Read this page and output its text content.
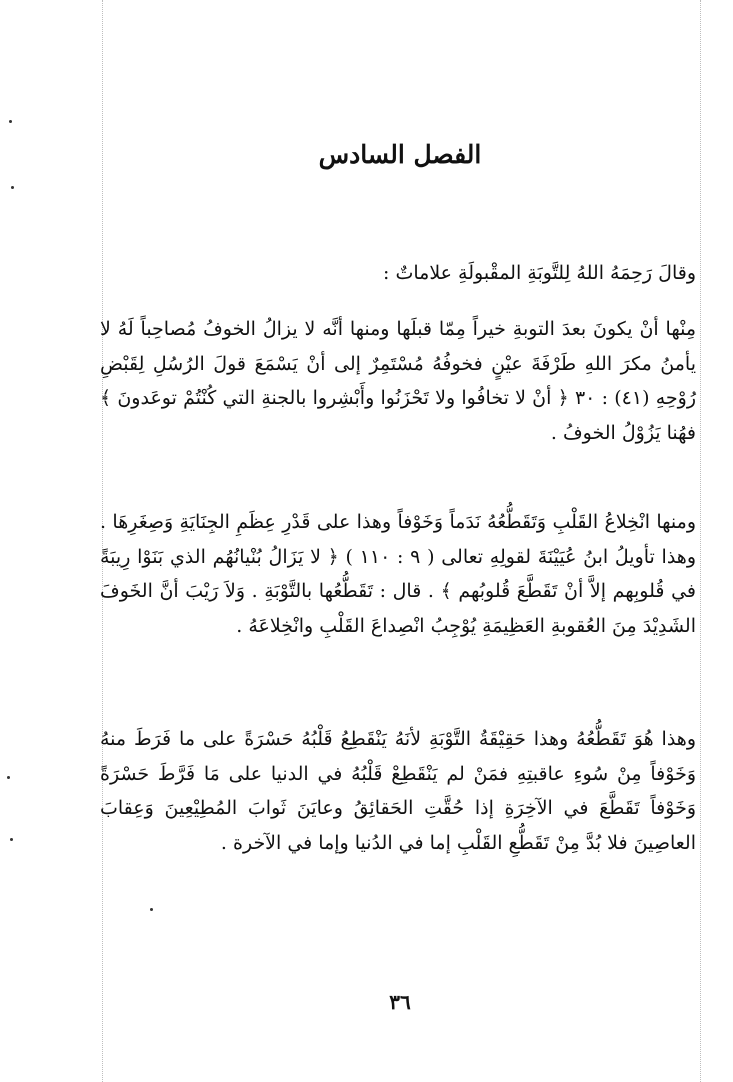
الفصل السادس

وقالَ رَحِمَهُ اللهُ لِلتَّوبَةِ المقْبولَةِ علاماتٌ :

مِنْها أنْ يكونَ بعدَ التوبةِ خيراً مِمّا قبلَها ومنها أنَّه لا يزالُ الخوفُ مُصاحِباً لَهُ لا يأمنُ مكرَ اللهِ طَرْفَةَ عيْنٍ فخوفُهُ مُسْتَمِرٌ إلى أنْ يَسْمَعَ قولَ الرُسُلِ لِقَبْضِ رُوْحِهِ (٤١) : ٣٠ ﴿ أنْ لا تخافُوا ولا تَحْزَنُوا وأَبْشِروا بالجنةِ التي كُنْتُمْ توعَدونَ ﴾ فهُنا يَزُوْلُ الخوفُ .

ومنها انْخِلاعُ القَلْبِ وَتَقَطُّعُهُ نَدَماً وَخَوْفاً وهذا على قَدْرِ عِظَمِ الجِنَايَةِ وَصِغَرِهَا . وهذا تأويلُ ابنُ عُيَيْنَةَ لقولِهِ تعالى ( ٩ : ١١٠ ) ﴿ لا يَزَالُ بُنْيانُهُم الذي بَنَوْا رِيبَةً في قُلوبِهم إلاَّ أنْ تَقَطَّعَ قُلوبُهم ﴾ . قال : تَقَطُّعُها بالتَّوْبَةِ . وَلاَ رَيْبَ أنَّ الخَوفَ الشَدِيْدَ مِنَ العُقوبةِ العَظِيمَةِ يُوْجِبُ انْصِداعَ القَلْبِ وانْخِلاعَهُ .

وهذا هُوَ تَقَطُّعُهُ وهذا حَقِيْقَةُ التَّوْبَةِ لأنَهُ يَنْقَطِعُ قَلْبُهُ حَسْرَةً على ما فَرَطَ منهُ وَخَوْفاً مِنْ سُوءِ عاقبتِهِ فمَنْ لم يَنْقَطِعْ قَلْبُهُ في الدنيا على مَا فَرَّطَ حَسْرَةً وَخَوْفاً تَقَطَّعَ في الآخِرَةِ إذا حُقَّتِ الحَقائِقُ وعايَنَ ثَوابَ المُطِيْعِينَ وَعِقابَ العاصِينَ فلا بُدَّ مِنْ تَقَطُّعِ القَلْبِ إما في الدُنيا وإما في الآخرة .

٣٦
